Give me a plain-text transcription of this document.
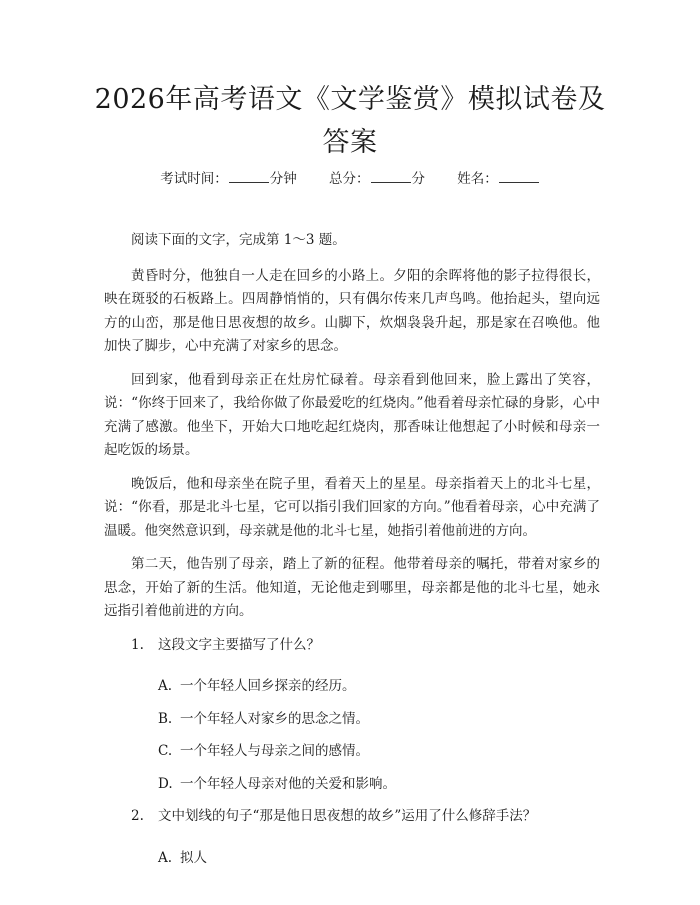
2026年高考语文《文学鉴赏》模拟试卷及答案
考试时间：	分钟 总分：	分 姓名：

阅读下面的文字，完成第 1～3 题。

黄昏时分，他独自一人走在回乡的小路上。夕阳的余晖将他的影子拉得很长，映在斑驳的石板路上。四周静悄悄的，只有偶尔传来几声鸟鸣。他抬起头，望向远方的山峦，那是他日思夜想的故乡。山脚下，炊烟袅袅升起，那是家在召唤他。他加快了脚步，心中充满了对家乡的思念。

回到家，他看到母亲正在灶房忙碌着。母亲看到他回来，脸上露出了笑容，说：“你终于回来了，我给你做了你最爱吃的红烧肉。”他看着母亲忙碌的身影，心中充满了感激。他坐下，开始大口地吃起红烧肉，那香味让他想起了小时候和母亲一起吃饭的场景。

晚饭后，他和母亲坐在院子里，看着天上的星星。母亲指着天上的北斗七星，说：“你看，那是北斗七星，它可以指引我们回家的方向。”他看着母亲，心中充满了温暖。他突然意识到，母亲就是他的北斗七星，她指引着他前进的方向。

第二天，他告别了母亲，踏上了新的征程。他带着母亲的嘱托，带着对家乡的思念，开始了新的生活。他知道，无论他走到哪里，母亲都是他的北斗七星，她永远指引着他前进的方向。

1.	这段文字主要描写了什么？
A. 一个年轻人回乡探亲的经历。
B. 一个年轻人对家乡的思念之情。
C. 一个年轻人与母亲之间的感情。
D. 一个年轻人母亲对他的关爱和影响。
2.	文中划线的句子“那是他日思夜想的故乡”运用了什么修辞手法？
A. 拟人
